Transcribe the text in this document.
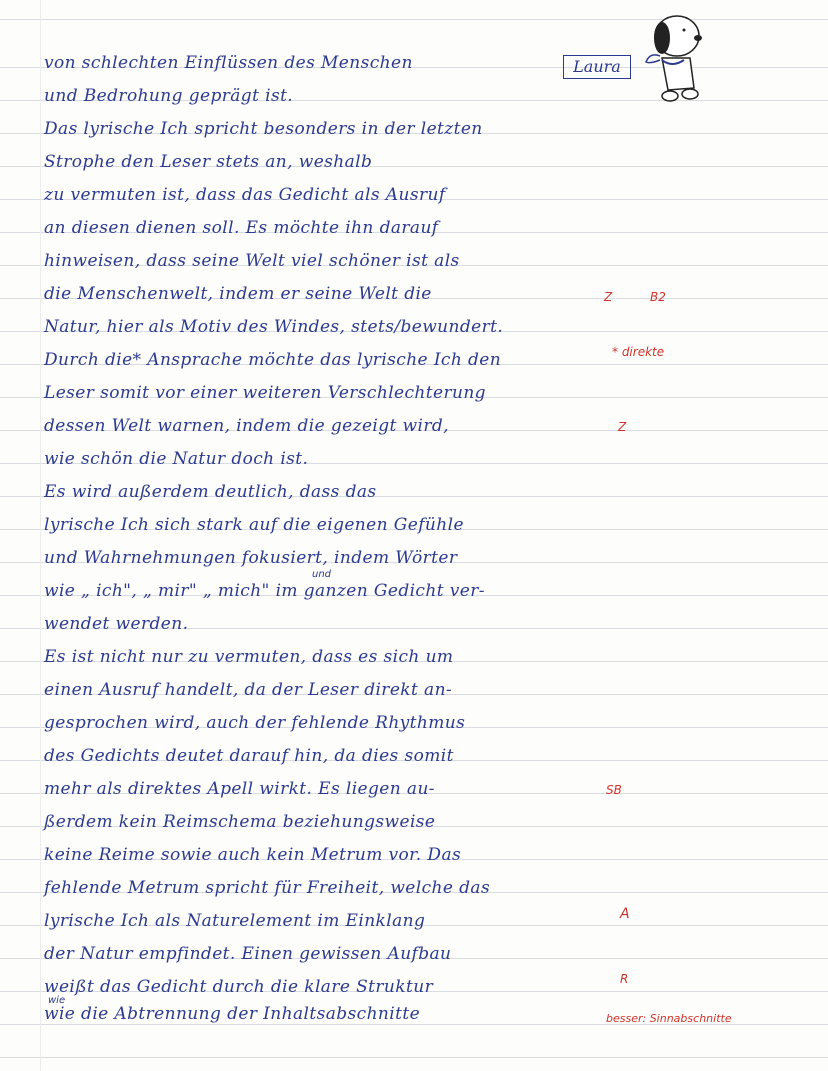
Laura
von schlechten Einflüssen des Menschen
und Bedrohung geprägt ist.
Das lyrische Ich spricht besonders in der letzten
Strophe den Leser stets an, weshalb
zu vermuten ist, dass das Gedicht als Ausruf
an diesen dienen soll. Es möchte ihn darauf
hinweisen, dass seine Welt viel schöner ist als
die Menschenwelt, indem er seine Welt die
Natur, hier als Motiv des Windes, stets/bewundert.
Durch die* Ansprache möchte das lyrische Ich den
Leser somit vor einer weiteren Verschlechterung
dessen Welt warnen, indem die gezeigt wird,
wie schön die Natur doch ist.
Es wird außerdem deutlich, dass das
lyrische Ich sich stark auf die eigenen Gefühle
und Wahrnehmungen fokusiert, indem Wörter
wie „ ich", „ mir" „ mich" im ganzen Gedicht ver-
wendet werden.
Es ist nicht nur zu vermuten, dass es sich um
einen Ausruf handelt, da der Leser direkt an-
gesprochen wird, auch der fehlende Rhythmus
des Gedichts deutet darauf hin, da dies somit
mehr als direktes Apell wirkt. Es liegen au-
ßerdem kein Reimschema beziehungsweise
keine Reime sowie auch kein Metrum vor. Das
fehlende Metrum spricht für Freiheit, welche das
lyrische Ich als Naturelement im Einklang
der Natur empfindet. Einen gewissen Aufbau
weißt das Gedicht durch die klare Struktur
wie die Abtrennung der Inhaltsabschnitte
und
wie
Z	B2
* direkte
Z
SB
A
R
besser: Sinnabschnitte
